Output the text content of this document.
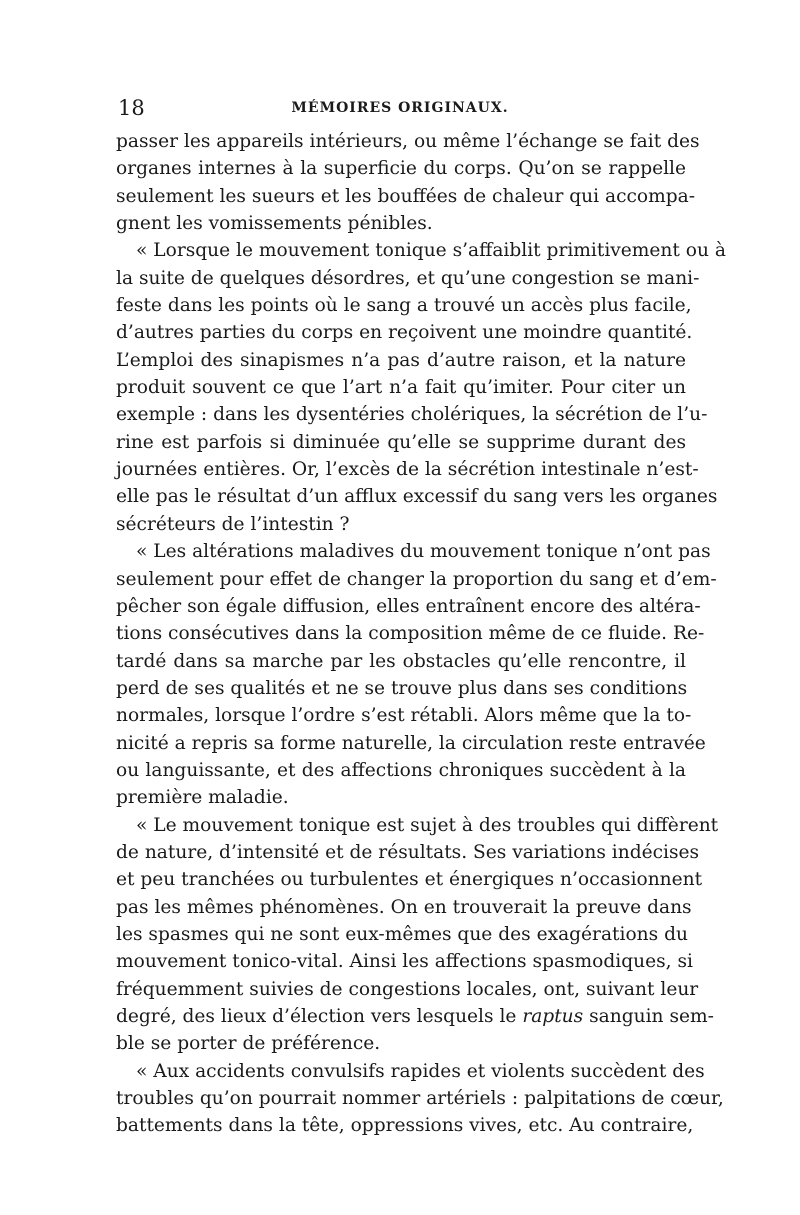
18	MÉMOIRES ORIGINAUX.
passer les appareils intérieurs, ou même l’échange se fait des
organes internes à la superficie du corps. Qu’on se rappelle
seulement les sueurs et les bouffées de chaleur qui accompa-
gnent les vomissements pénibles.
« Lorsque le mouvement tonique s’affaiblit primitivement ou à
la suite de quelques désordres, et qu’une congestion se mani-
feste dans les points où le sang a trouvé un accès plus facile,
d’autres parties du corps en reçoivent une moindre quantité.
L’emploi des sinapismes n’a pas d’autre raison, et la nature
produit souvent ce que l’art n’a fait qu’imiter. Pour citer un
exemple : dans les dysentéries cholériques, la sécrétion de l’u-
rine est parfois si diminuée qu’elle se supprime durant des
journées entières. Or, l’excès de la sécrétion intestinale n’est-
elle pas le résultat d’un afflux excessif du sang vers les organes
sécréteurs de l’intestin ?
« Les altérations maladives du mouvement tonique n’ont pas
seulement pour effet de changer la proportion du sang et d’em-
pêcher son égale diffusion, elles entraînent encore des altéra-
tions consécutives dans la composition même de ce fluide. Re-
tardé dans sa marche par les obstacles qu’elle rencontre, il
perd de ses qualités et ne se trouve plus dans ses conditions
normales, lorsque l’ordre s’est rétabli. Alors même que la to-
nicité a repris sa forme naturelle, la circulation reste entravée
ou languissante, et des affections chroniques succèdent à la
première maladie.
« Le mouvement tonique est sujet à des troubles qui diffèrent
de nature, d’intensité et de résultats. Ses variations indécises
et peu tranchées ou turbulentes et énergiques n’occasionnent
pas les mêmes phénomènes. On en trouverait la preuve dans
les spasmes qui ne sont eux-mêmes que des exagérations du
mouvement tonico-vital. Ainsi les affections spasmodiques, si
fréquemment suivies de congestions locales, ont, suivant leur
degré, des lieux d’élection vers lesquels le raptus sanguin sem-
ble se porter de préférence.
« Aux accidents convulsifs rapides et violents succèdent des
troubles qu’on pourrait nommer artériels : palpitations de cœur,
battements dans la tête, oppressions vives, etc. Au contraire,
